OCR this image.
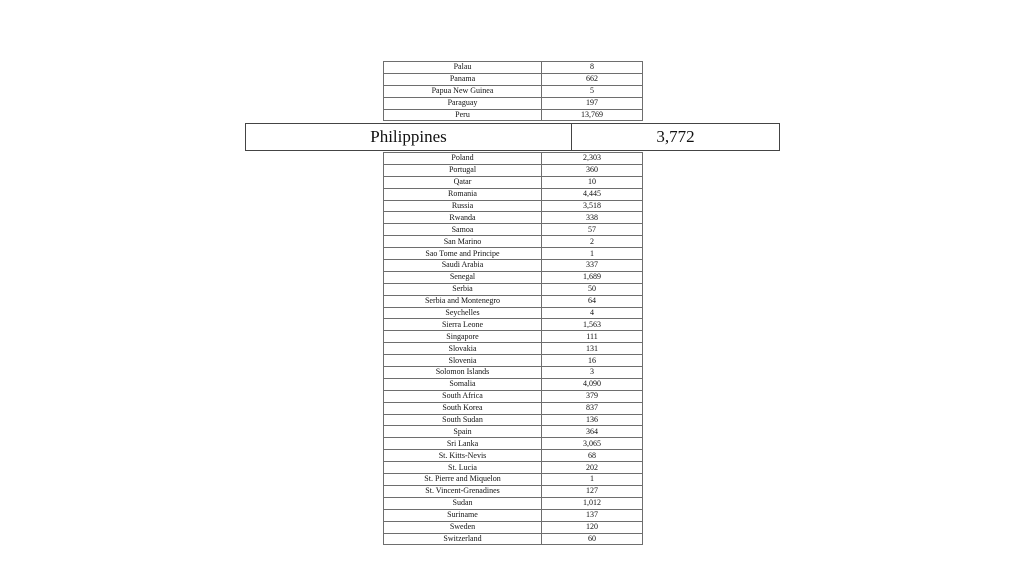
Palau	8
Panama	662
Papua New Guinea	5
Paraguay	197
Peru	13,769
Philippines	3,772
Poland	2,303
Portugal	360
Qatar	10
Romania	4,445
Russia	3,518
Rwanda	338
Samoa	57
San Marino	2
Sao Tome and Principe	1
Saudi Arabia	337
Senegal	1,689
Serbia	50
Serbia and Montenegro	64
Seychelles	4
Sierra Leone	1,563
Singapore	111
Slovakia	131
Slovenia	16
Solomon Islands	3
Somalia	4,090
South Africa	379
South Korea	837
South Sudan	136
Spain	364
Sri Lanka	3,065
St. Kitts-Nevis	68
St. Lucia	202
St. Pierre and Miquelon	1
St. Vincent-Grenadines	127
Sudan	1,012
Suriname	137
Sweden	120
Switzerland	60
